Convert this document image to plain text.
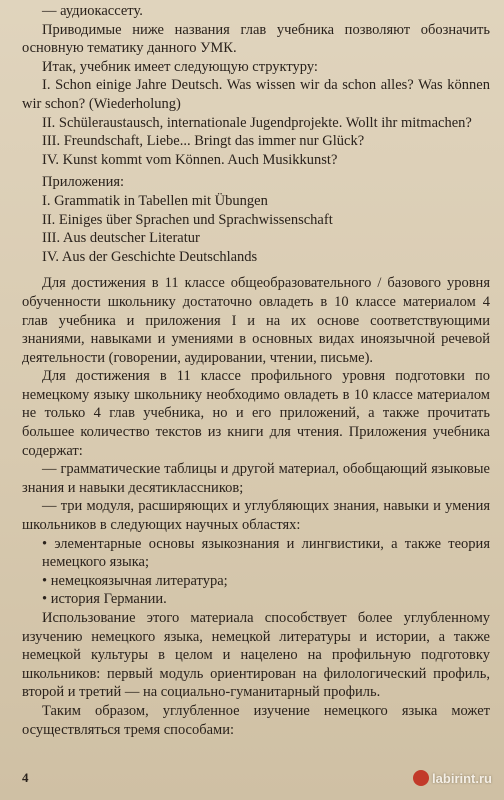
— аудиокассету.

Приводимые ниже названия глав учебника позволяют обозначить основную тематику данного УМК.

Итак, учебник имеет следующую структуру:

I. Schon einige Jahre Deutsch. Was wissen wir da schon alles? Was können wir schon? (Wiederholung)

II. Schüleraustausch, internationale Jugendprojekte. Wollt ihr mitmachen?

III. Freundschaft, Liebe... Bringt das immer nur Glück?

IV. Kunst kommt vom Können. Auch Musikkunst?

Приложения:

I. Grammatik in Tabellen mit Übungen

II. Einiges über Sprachen und Sprachwissenschaft

III. Aus deutscher Literatur

IV. Aus der Geschichte Deutschlands

Для достижения в 11 классе общеобразовательного / базового уровня обученности школьнику достаточно овладеть в 10 классе материалом 4 глав учебника и приложения I и на их основе соответствующими знаниями, навыками и умениями в основных видах иноязычной речевой деятельности (говорении, аудировании, чтении, письме).

Для достижения в 11 классе профильного уровня подготовки по немецкому языку школьнику необходимо овладеть в 10 классе материалом не только 4 глав учебника, но и его приложений, а также прочитать большее количество текстов из книги для чтения. Приложения учебника содержат:

— грамматические таблицы и другой материал, обобщающий языковые знания и навыки десятиклассников;

— три модуля, расширяющих и углубляющих знания, навыки и умения школьников в следующих научных областях:

• элементарные основы языкознания и лингвистики, а также теория немецкого языка;

• немецкоязычная литература;

• история Германии.

Использование этого материала способствует более углубленному изучению немецкого языка, немецкой литературы и истории, а также немецкой культуры в целом и нацелено на профильную подготовку школьников: первый модуль ориентирован на филологический профиль, второй и третий — на социально-гуманитарный профиль.

Таким образом, углубленное изучение немецкого языка может осуществляться тремя способами:

4	labirint.ru
